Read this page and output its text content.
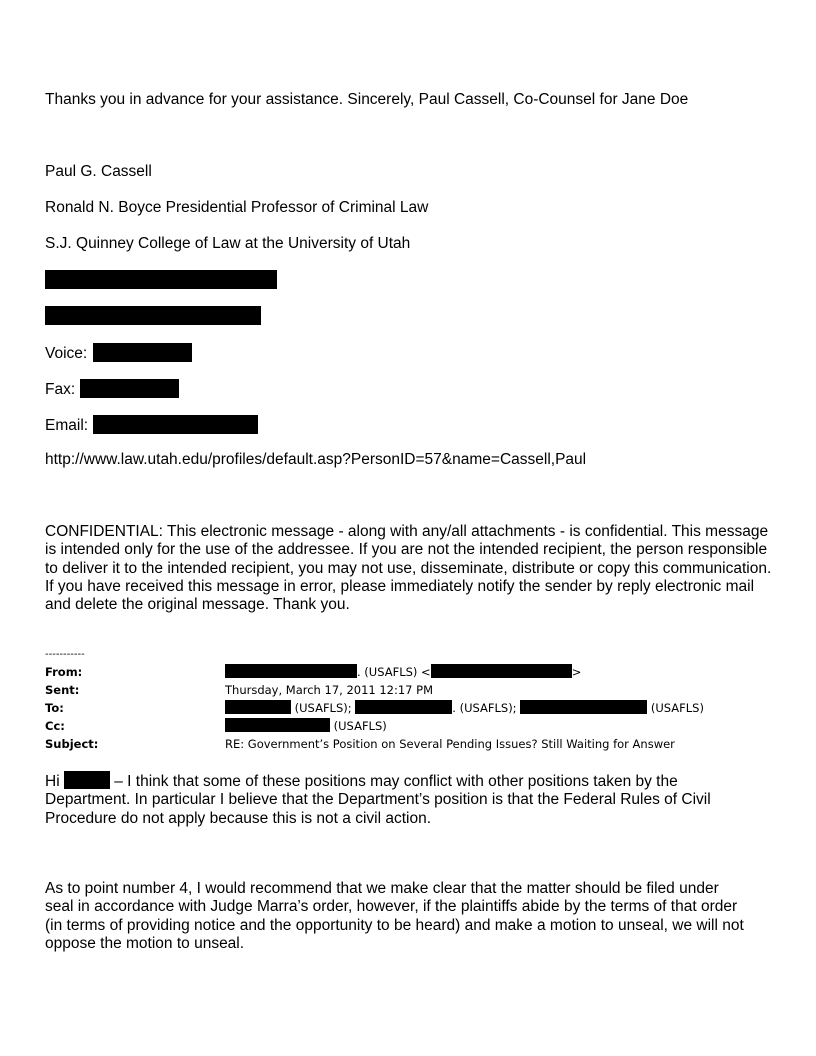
Thanks you in advance for your assistance. Sincerely, Paul Cassell, Co-Counsel for Jane Doe
Paul G. Cassell
Ronald N. Boyce Presidential Professor of Criminal Law
S.J. Quinney College of Law at the University of Utah
Voice:
Fax:
Email:
http://www.law.utah.edu/profiles/default.asp?PersonID=57&name=Cassell,Paul
CONFIDENTIAL: This electronic message - along with any/all attachments - is confidential. This message is intended only for the use of the addressee. If you are not the intended recipient, the person responsible to deliver it to the intended recipient, you may not use, disseminate, distribute or copy this communication. If you have received this message in error, please immediately notify the sender by reply electronic mail and delete the original message. Thank you.
-----------
From:	. (USAFLS) <	>
Sent:	Thursday, March 17, 2011 12:17 PM
To:	(USAFLS);	. (USAFLS);	(USAFLS)
Cc:	(USAFLS)
Subject:	RE: Government’s Position on Several Pending Issues? Still Waiting for Answer
Hi	– I think that some of these positions may conflict with other positions taken by the
Department. In particular I believe that the Department’s position is that the Federal Rules of Civil
Procedure do not apply because this is not a civil action.
As to point number 4, I would recommend that we make clear that the matter should be filed under
seal in accordance with Judge Marra’s order, however, if the plaintiffs abide by the terms of that order
(in terms of providing notice and the opportunity to be heard) and make a motion to unseal, we will not
oppose the motion to unseal.
